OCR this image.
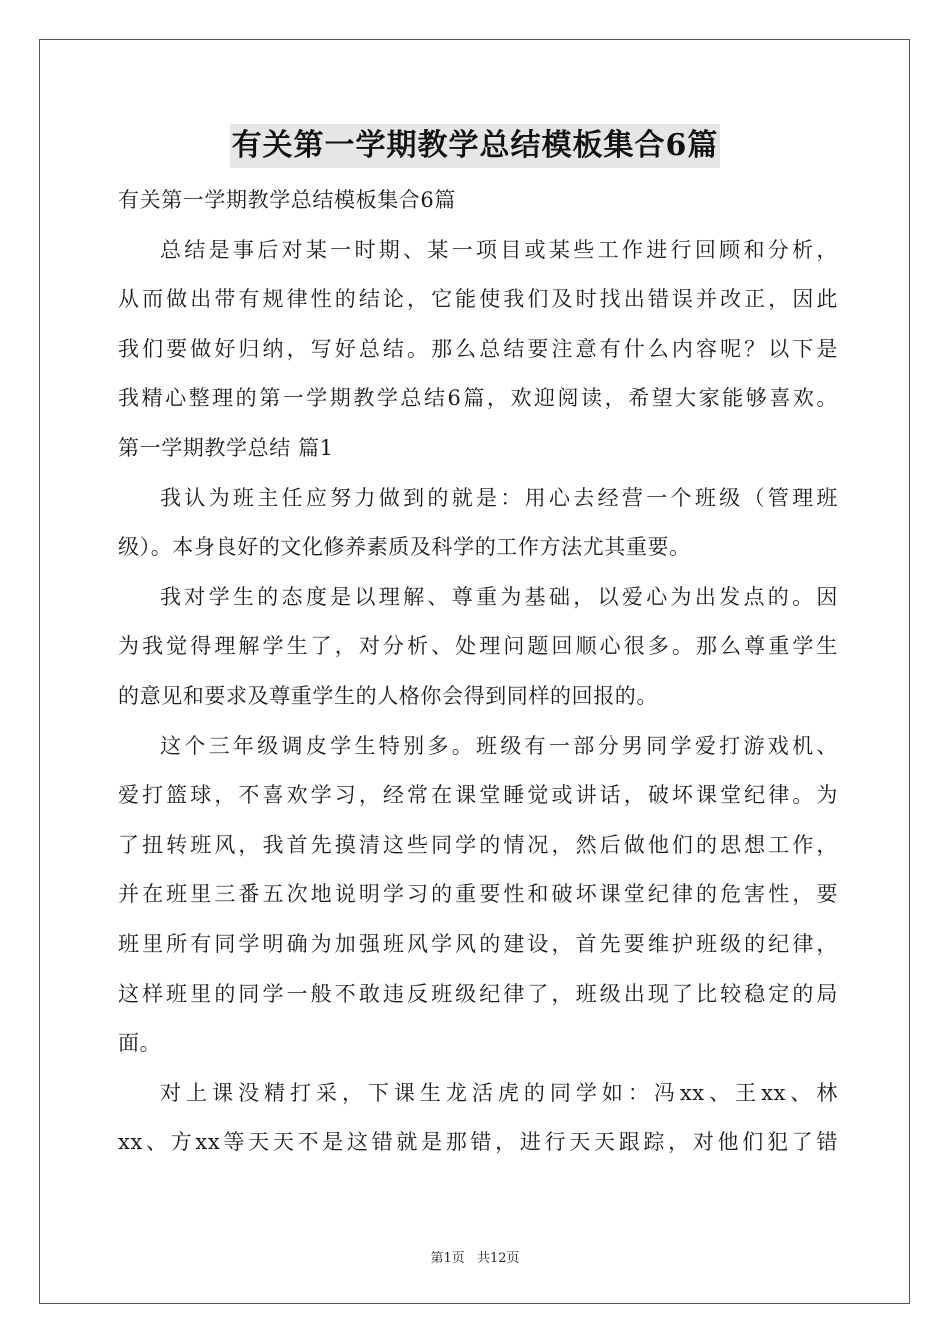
有关第一学期教学总结模板集合6篇
有关第一学期教学总结模板集合6篇
总结是事后对某一时期、某一项目或某些工作进行回顾和分析，
从而做出带有规律性的结论，它能使我们及时找出错误并改正，因此
我们要做好归纳，写好总结。那么总结要注意有什么内容呢？以下是
我精心整理的第一学期教学总结6篇，欢迎阅读，希望大家能够喜欢。
第一学期教学总结 篇1
我认为班主任应努力做到的就是：用心去经营一个班级（管理班
级）。本身良好的文化修养素质及科学的工作方法尤其重要。
我对学生的态度是以理解、尊重为基础，以爱心为出发点的。因
为我觉得理解学生了，对分析、处理问题回顺心很多。那么尊重学生
的意见和要求及尊重学生的人格你会得到同样的回报的。
这个三年级调皮学生特别多。班级有一部分男同学爱打游戏机、
爱打篮球，不喜欢学习，经常在课堂睡觉或讲话，破坏课堂纪律。为
了扭转班风，我首先摸清这些同学的情况，然后做他们的思想工作，
并在班里三番五次地说明学习的重要性和破坏课堂纪律的危害性，要
班里所有同学明确为加强班风学风的建设，首先要维护班级的纪律，
这样班里的同学一般不敢违反班级纪律了，班级出现了比较稳定的局
面。
对上课没精打采，下课生龙活虎的同学如：冯xx、王xx、林
xx、方xx等天天不是这错就是那错，进行天天跟踪，对他们犯了错
第1页 共12页
